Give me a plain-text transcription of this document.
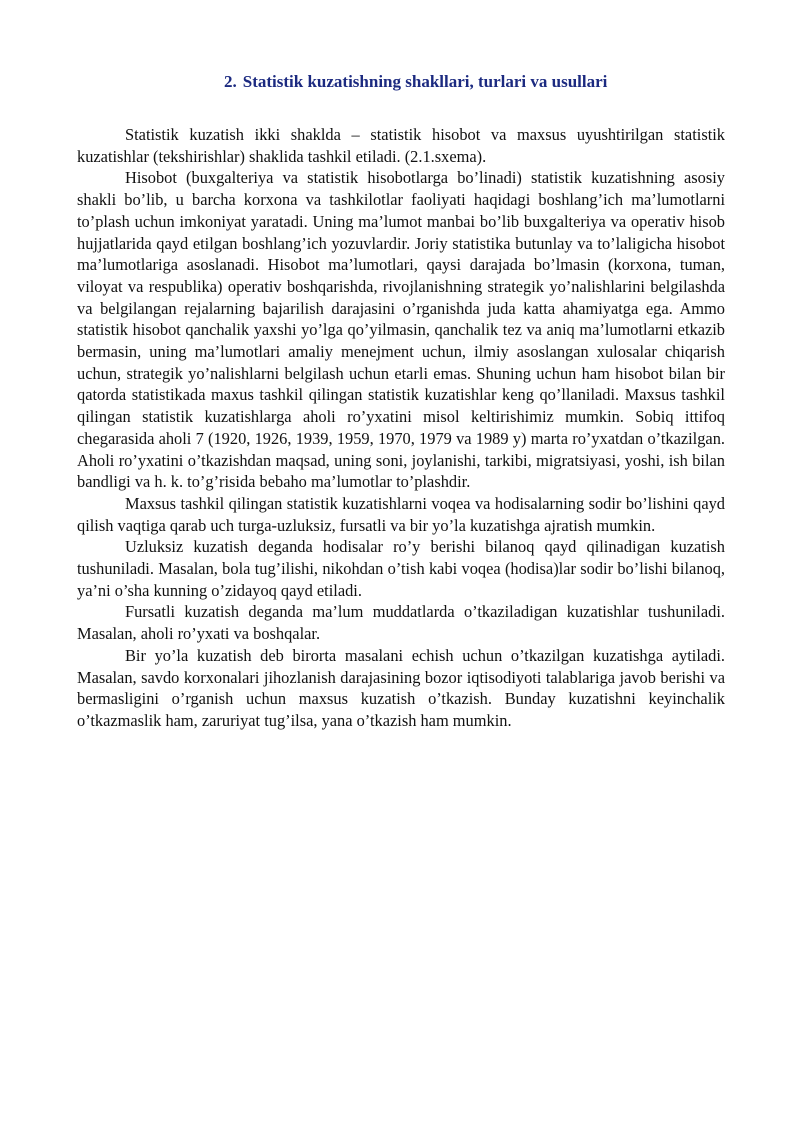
2. Statistik kuzatishning shakllari, turlari va usullari

Statistik kuzatish ikki shaklda – statistik hisobot va maxsus uyushtirilgan statistik kuzatishlar (tekshirishlar) shaklida tashkil etiladi. (2.1.sxema).

Hisobot (buxgalteriya va statistik hisobotlarga bo’linadi) statistik kuzatishning asosiy shakli bo’lib, u barcha korxona va tashkilotlar faoliyati haqidagi boshlang’ich ma’lumotlarni to’plash uchun imkoniyat yaratadi. Uning ma’lumot manbai bo’lib buxgalteriya va operativ hisob hujjatlarida qayd etilgan boshlang’ich yozuvlardir. Joriy statistika butunlay va to’laligicha hisobot ma’lumotlariga asoslanadi. Hisobot ma’lumotlari, qaysi darajada bo’lmasin (korxona, tuman, viloyat va respublika) operativ boshqarishda, rivojlanishning strategik yo’nalishlarini belgilashda va belgilangan rejalarning bajarilish darajasini o’rganishda juda katta ahamiyatga ega. Ammo statistik hisobot qanchalik yaxshi yo’lga qo’yilmasin, qanchalik tez va aniq ma’lumotlarni etkazib bermasin, uning ma’lumotlari amaliy menejment uchun, ilmiy asoslangan xulosalar chiqarish uchun, strategik yo’nalishlarni belgilash uchun etarli emas. Shuning uchun ham hisobot bilan bir qatorda statistikada maxus tashkil qilingan statistik kuzatishlar keng qo’llaniladi. Maxsus tashkil qilingan statistik kuzatishlarga aholi ro’yxatini misol keltirishimiz mumkin. Sobiq ittifoq chegarasida aholi 7 (1920, 1926, 1939, 1959, 1970, 1979 va 1989 y) marta ro’yxatdan o’tkazilgan. Aholi ro’yxatini o’tkazishdan maqsad, uning soni, joylanishi, tarkibi, migratsiyasi, yoshi, ish bilan bandligi va h. k. to’g’risida bebaho ma’lumotlar to’plashdir.

Maxsus tashkil qilingan statistik kuzatishlarni voqea va hodisalarning sodir bo’lishini qayd qilish vaqtiga qarab uch turga-uzluksiz, fursatli va bir yo’la kuzatishga ajratish mumkin.

Uzluksiz kuzatish deganda hodisalar ro’y berishi bilanoq qayd qilinadigan kuzatish tushuniladi. Masalan, bola tug’ilishi, nikohdan o’tish kabi voqea (hodisa)lar sodir bo’lishi bilanoq, ya’ni o’sha kunning o’zidayoq qayd etiladi.

Fursatli kuzatish deganda ma’lum muddatlarda o’tkaziladigan kuzatishlar tushuniladi. Masalan, aholi ro’yxati va boshqalar.

Bir yo’la kuzatish deb birorta masalani echish uchun o’tkazilgan kuzatishga aytiladi. Masalan, savdo korxonalari jihozlanish darajasining bozor iqtisodiyoti talablariga javob berishi va bermasligini o’rganish uchun maxsus kuzatish o’tkazish. Bunday kuzatishni keyinchalik o’tkazmaslik ham, zaruriyat tug’ilsa, yana o’tkazish ham mumkin.
